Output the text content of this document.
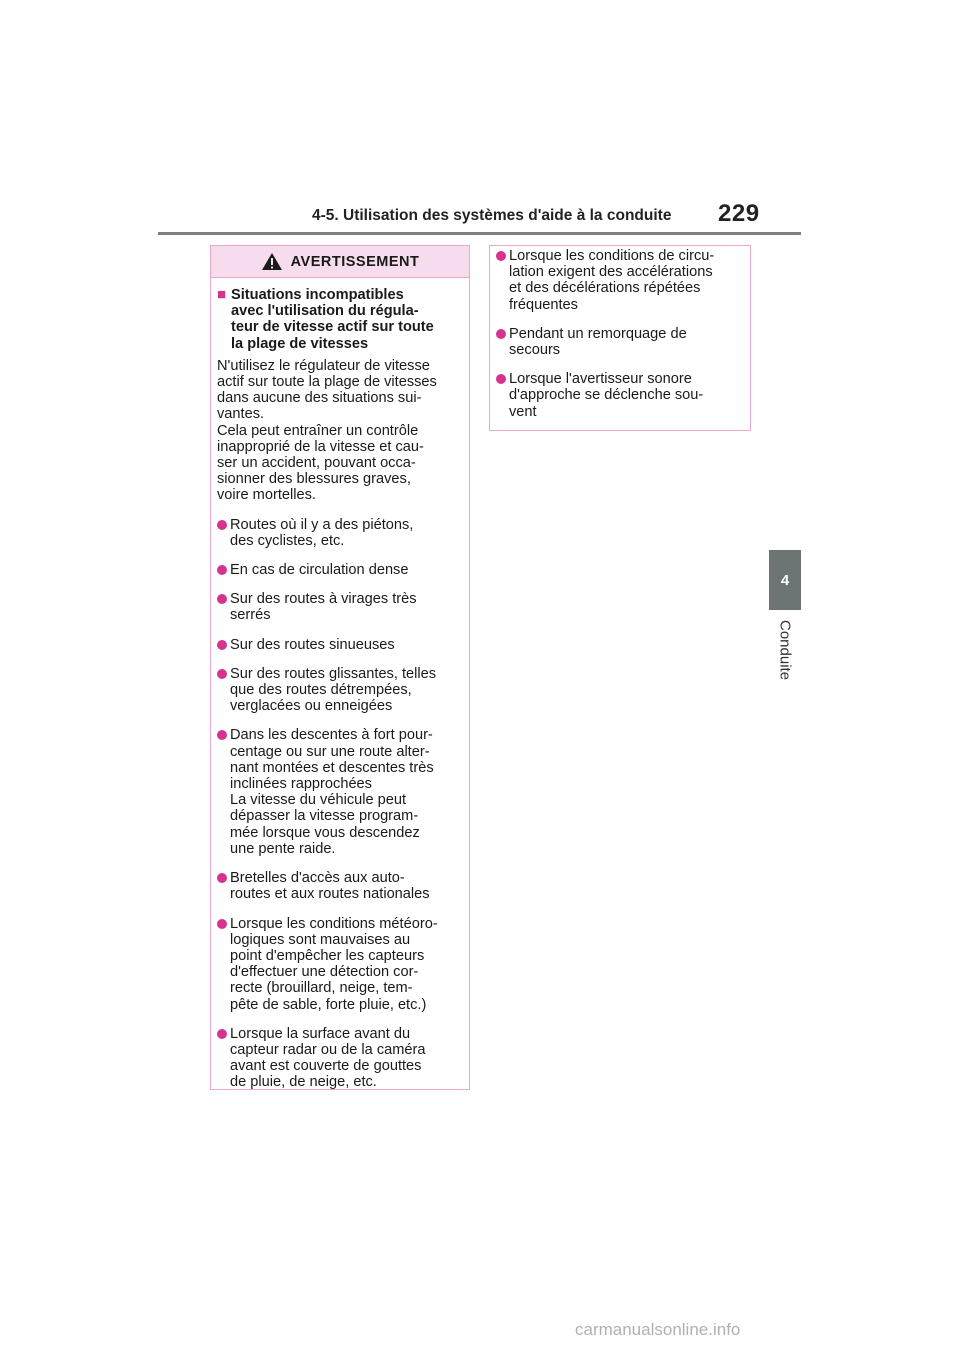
4-5. Utilisation des systèmes d'aide à la conduite 229
4
Conduite
AVERTISSEMENT
■ Situations incompatibles
avec l'utilisation du régula-
teur de vitesse actif sur toute
la plage de vitesses
N'utilisez le régulateur de vitesse
actif sur toute la plage de vitesses
dans aucune des situations sui-
vantes.
Cela peut entraîner un contrôle
inapproprié de la vitesse et cau-
ser un accident, pouvant occa-
sionner des blessures graves,
voire mortelles.
Routes où il y a des piétons,
des cyclistes, etc.
En cas de circulation dense
Sur des routes à virages très
serrés
Sur des routes sinueuses
Sur des routes glissantes, telles
que des routes détrempées,
verglacées ou enneigées
Dans les descentes à fort pour-
centage ou sur une route alter-
nant montées et descentes très
inclinées rapprochées
La vitesse du véhicule peut
dépasser la vitesse program-
mée lorsque vous descendez
une pente raide.
Bretelles d'accès aux auto-
routes et aux routes nationales
Lorsque les conditions météoro-
logiques sont mauvaises au
point d'empêcher les capteurs
d'effectuer une détection cor-
recte (brouillard, neige, tem-
pête de sable, forte pluie, etc.)
Lorsque la surface avant du
capteur radar ou de la caméra
avant est couverte de gouttes
de pluie, de neige, etc.
Lorsque les conditions de circu-
lation exigent des accélérations
et des décélérations répétées
fréquentes
Pendant un remorquage de
secours
Lorsque l'avertisseur sonore
d'approche se déclenche sou-
vent
carmanualsonline.info
